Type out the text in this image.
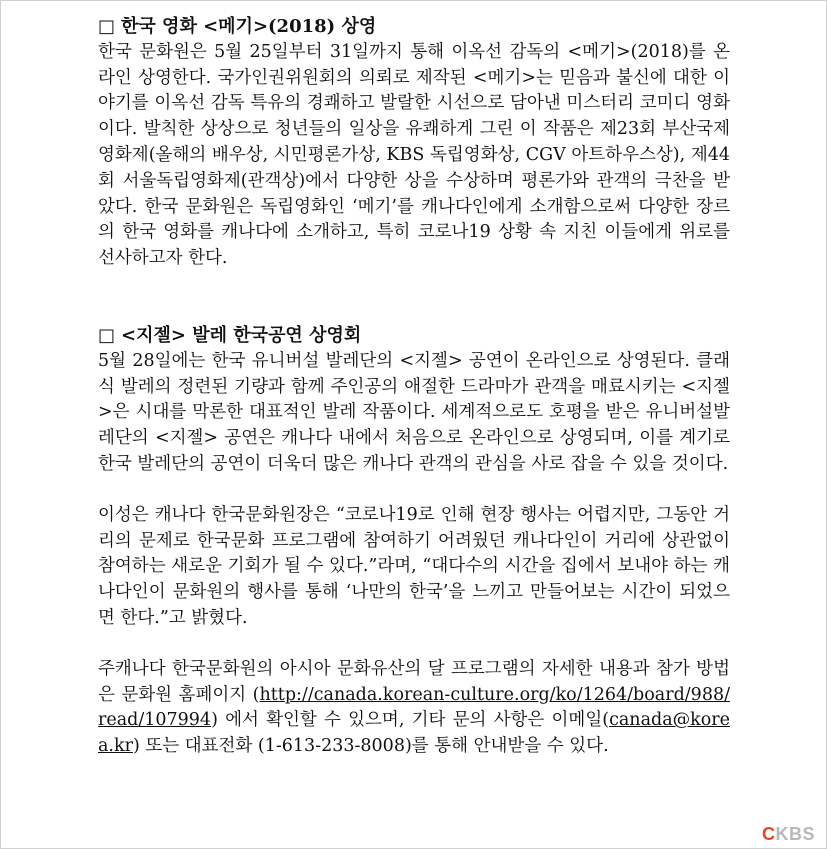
□ 한국 영화 <메기>(2018) 상영

한국 문화원은 5월 25일부터 31일까지 통해 이옥선 감독의 <메기>(2018)를 온라인 상영한다. 국가인권위원회의 의뢰로 제작된 <메기>는 믿음과 불신에 대한 이야기를 이옥선 감독 특유의 경쾌하고 발랄한 시선으로 담아낸 미스터리 코미디 영화이다. 발칙한 상상으로 청년들의 일상을 유쾌하게 그린 이 작품은 제23회 부산국제영화제(올해의 배우상, 시민평론가상, KBS 독립영화상, CGV 아트하우스상), 제44회 서울독립영화제(관객상)에서 다양한 상을 수상하며 평론가와 관객의 극찬을 받았다. 한국 문화원은 독립영화인 ‘메기’를 캐나다인에게 소개함으로써 다양한 장르의 한국 영화를 캐나다에 소개하고, 특히 코로나19 상황 속 지친 이들에게 위로를 선사하고자 한다.

□ <지젤> 발레 한국공연 상영회

5월 28일에는 한국 유니버설 발레단의 <지젤> 공연이 온라인으로 상영된다. 클래식 발레의 정련된 기량과 함께 주인공의 애절한 드라마가 관객을 매료시키는 <지젤>은 시대를 막론한 대표적인 발레 작품이다. 세계적으로도 호평을 받은 유니버설발레단의 <지젤> 공연은 캐나다 내에서 처음으로 온라인으로 상영되며, 이를 계기로 한국 발레단의 공연이 더욱더 많은 캐나다 관객의 관심을 사로 잡을 수 있을 것이다.

이성은 캐나다 한국문화원장은 “코로나19로 인해 현장 행사는 어렵지만, 그동안 거리의 문제로 한국문화 프로그램에 참여하기 어려웠던 캐나다인이 거리에 상관없이 참여하는 새로운 기회가 될 수 있다.”라며, “대다수의 시간을 집에서 보내야 하는 캐나다인이 문화원의 행사를 통해 ‘나만의 한국’을 느끼고 만들어보는 시간이 되었으면 한다.”고 밝혔다.

주캐나다 한국문화원의 아시아 문화유산의 달 프로그램의 자세한 내용과 참가 방법은 문화원 홈페이지 (http://canada.korean-culture.org/ko/1264/board/988/read/107994) 에서 확인할 수 있으며, 기타 문의 사항은 이메일(canada@korea.kr) 또는 대표전화 (1-613-233-8008)를 통해 안내받을 수 있다.

CKBS
